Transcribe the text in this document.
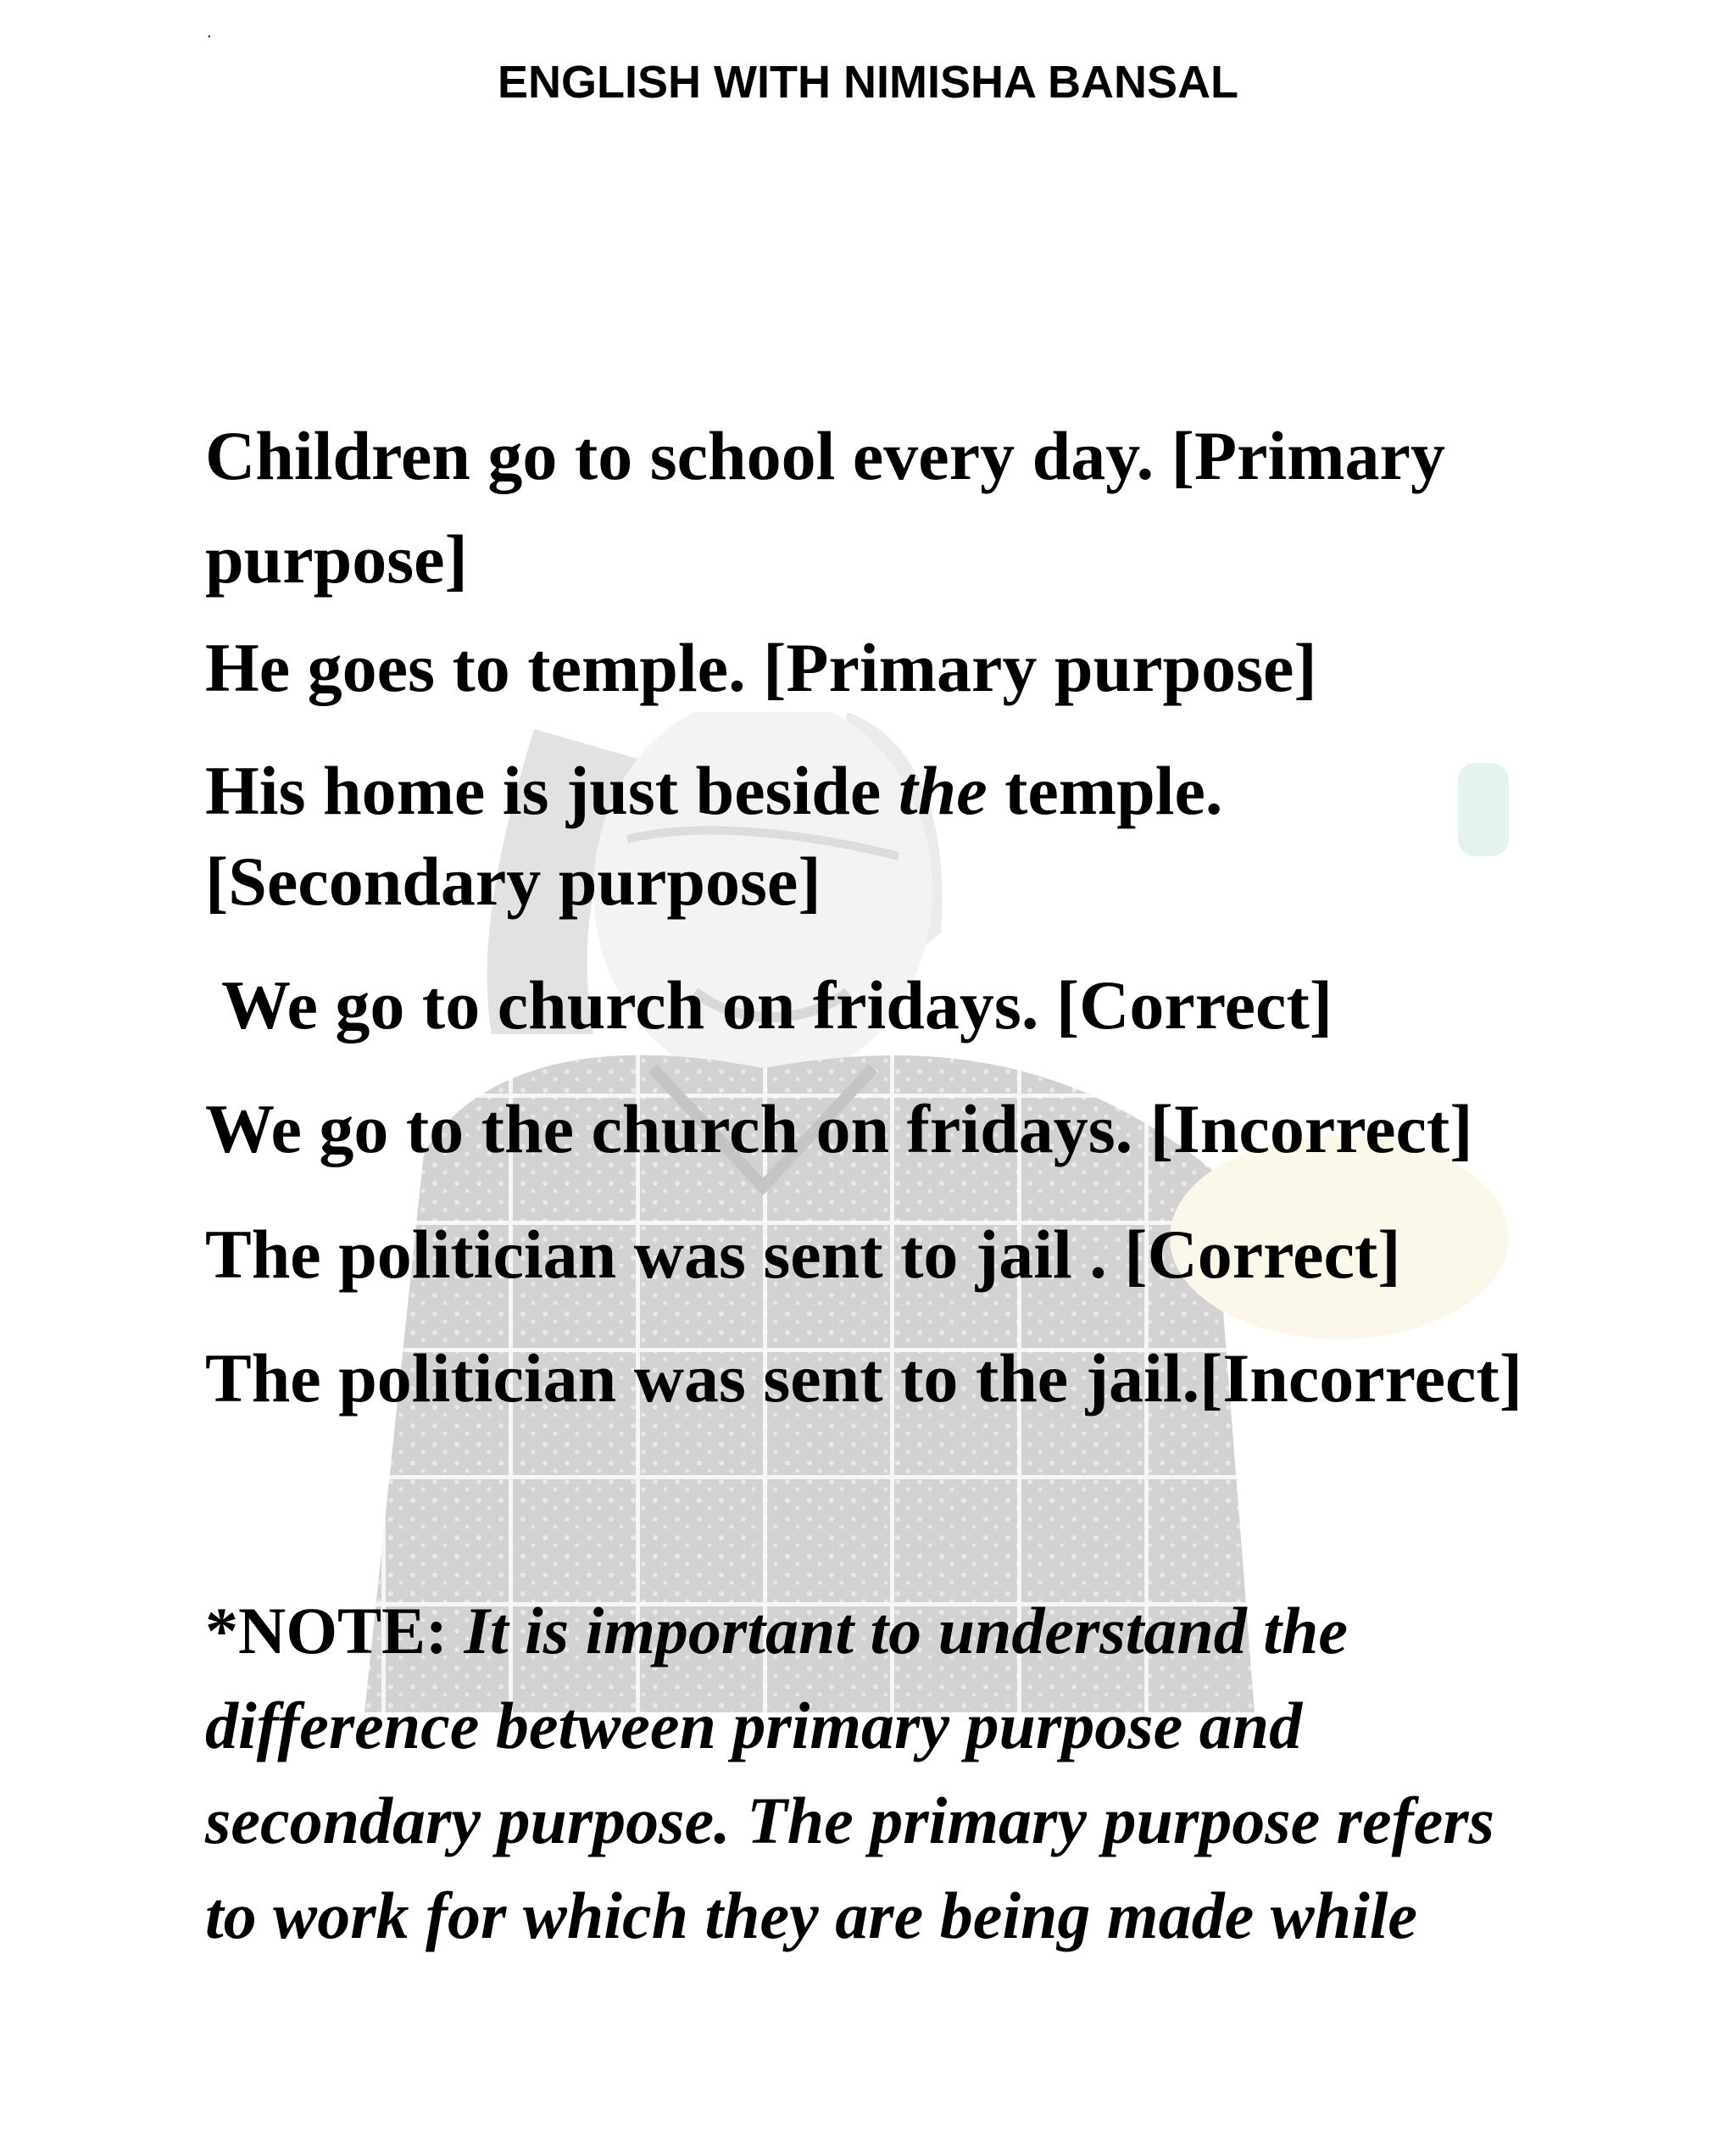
.
ENGLISH WITH NIMISHA BANSAL
Children go to school every day. [Primary
purpose]
He goes to temple. [Primary purpose]
His home is just beside the temple.
[Secondary purpose]
We go to church on fridays. [Correct]
We go to the church on fridays. [Incorrect]
The politician was sent to jail . [Correct]
The politician was sent to the jail.[Incorrect]
*NOTE: It is important to understand the
difference between primary purpose and
secondary purpose. The primary purpose refers
to work for which they are being made while
